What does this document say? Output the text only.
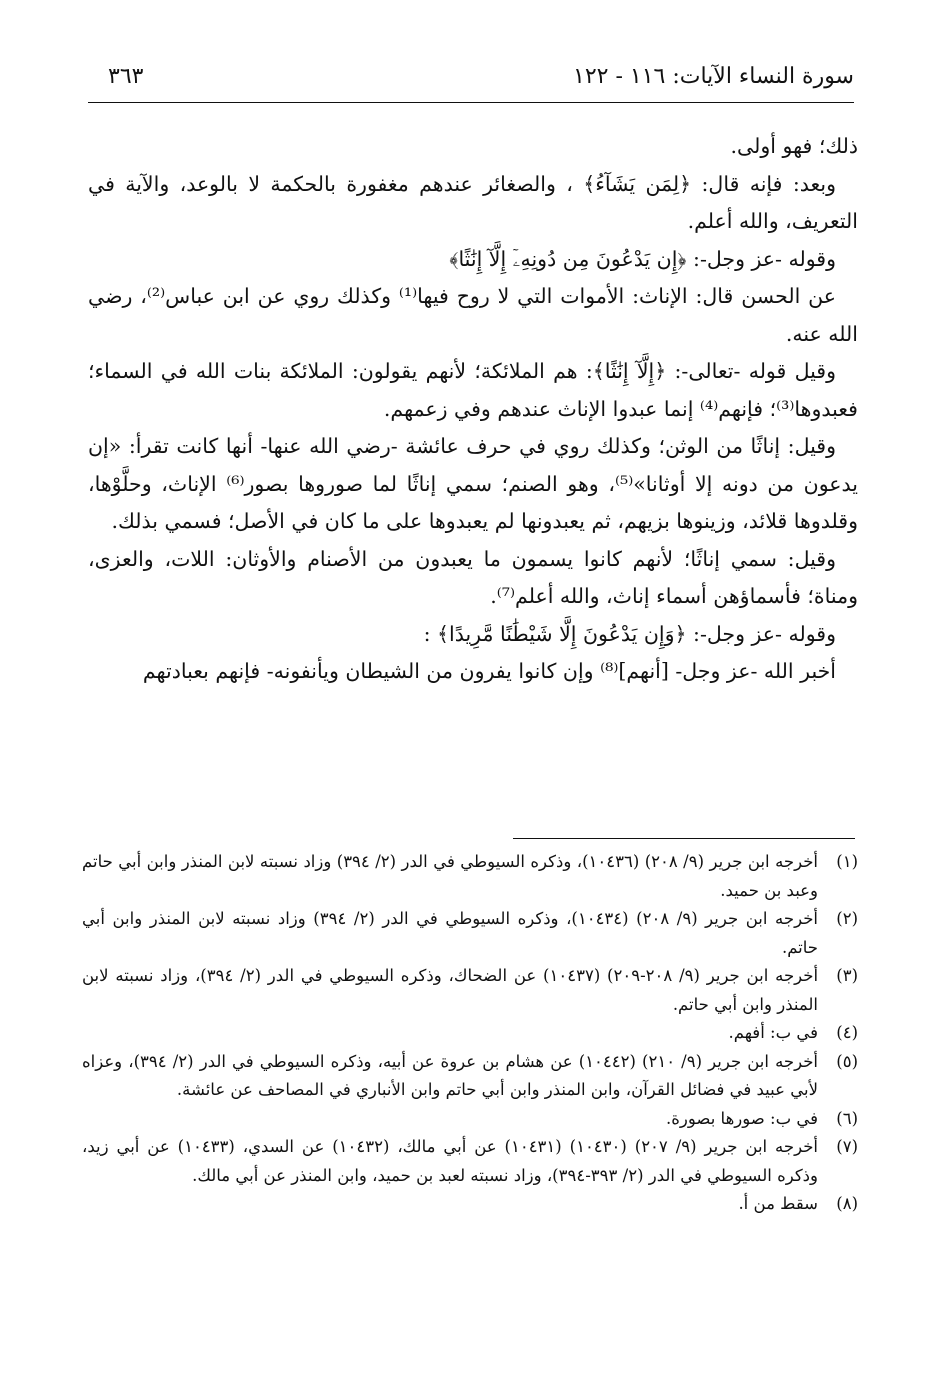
سورة النساء الآيات: ١١٦ - ١٢٢
٣٦٣

ذلك؛ فهو أولى.

وبعد: فإنه قال: ﴿لِمَن يَشَآءُ﴾ ، والصغائر عندهم مغفورة بالحكمة لا بالوعد، والآية في التعريف، والله أعلم.

وقوله -عز وجل-: ﴿إِن يَدْعُونَ مِن دُونِهِۦٓ إِلَّآ إِنَٰثًا﴾

عن الحسن قال: الإناث: الأموات التي لا روح فيها⁽¹⁾ وكذلك روي عن ابن عباس⁽²⁾، رضي الله عنه.

وقيل قوله -تعالى-: ﴿إِلَّآ إِنَٰثًا﴾: هم الملائكة؛ لأنهم يقولون: الملائكة بنات الله في السماء؛ فعبدوها⁽³⁾؛ فإنهم⁽⁴⁾ إنما عبدوا الإناث عندهم وفي زعمهم.

وقيل: إناثًا من الوثن؛ وكذلك روي في حرف عائشة -رضي الله عنها- أنها كانت تقرأ: «إن يدعون من دونه إلا أوثانا»⁽⁵⁾، وهو الصنم؛ سمي إناثًا لما صوروها بصور⁽⁶⁾ الإناث، وحلَّوْها، وقلدوها قلائد، وزينوها بزيهم، ثم يعبدونها لم يعبدوها على ما كان في الأصل؛ فسمي بذلك.

وقيل: سمي إناثًا؛ لأنهم كانوا يسمون ما يعبدون من الأصنام والأوثان: اللات، والعزى، ومناة؛ فأسماؤهن أسماء إناث، والله أعلم⁽⁷⁾.

وقوله -عز وجل-: ﴿وَإِن يَدْعُونَ إِلَّا شَيْطَٰنًا مَّرِيدًا﴾ :

أخبر الله -عز وجل- [أنهم]⁽⁸⁾ وإن كانوا يفرون من الشيطان ويأنفونه- فإنهم بعبادتهم

(١)
أخرجه ابن جرير (٩/ ٢٠٨) (١٠٤٣٦)، وذكره السيوطي في الدر (٢/ ٣٩٤) وزاد نسبته لابن المنذر وابن أبي حاتم وعبد بن حميد.
(٢)
أخرجه ابن جرير (٩/ ٢٠٨) (١٠٤٣٤)، وذكره السيوطي في الدر (٢/ ٣٩٤) وزاد نسبته لابن المنذر وابن أبي حاتم.
(٣)
أخرجه ابن جرير (٩/ ٢٠٨-٢٠٩) (١٠٤٣٧) عن الضحاك، وذكره السيوطي في الدر (٢/ ٣٩٤)، وزاد نسبته لابن المنذر وابن أبي حاتم.
(٤)
في ب: أفهم.
(٥)
أخرجه ابن جرير (٩/ ٢١٠) (١٠٤٤٢) عن هشام بن عروة عن أبيه، وذكره السيوطي في الدر (٢/ ٣٩٤)، وعزاه لأبي عبيد في فضائل القرآن، وابن المنذر وابن أبي حاتم وابن الأنباري في المصاحف عن عائشة.
(٦)
في ب: صورها بصورة.
(٧)
أخرجه ابن جرير (٩/ ٢٠٧) (١٠٤٣٠) (١٠٤٣١) عن أبي مالك، (١٠٤٣٢) عن السدي، (١٠٤٣٣) عن أبي زيد، وذكره السيوطي في الدر (٢/ ٣٩٣-٣٩٤)، وزاد نسبته لعبد بن حميد، وابن المنذر عن أبي مالك.
(٨)
سقط من أ.
